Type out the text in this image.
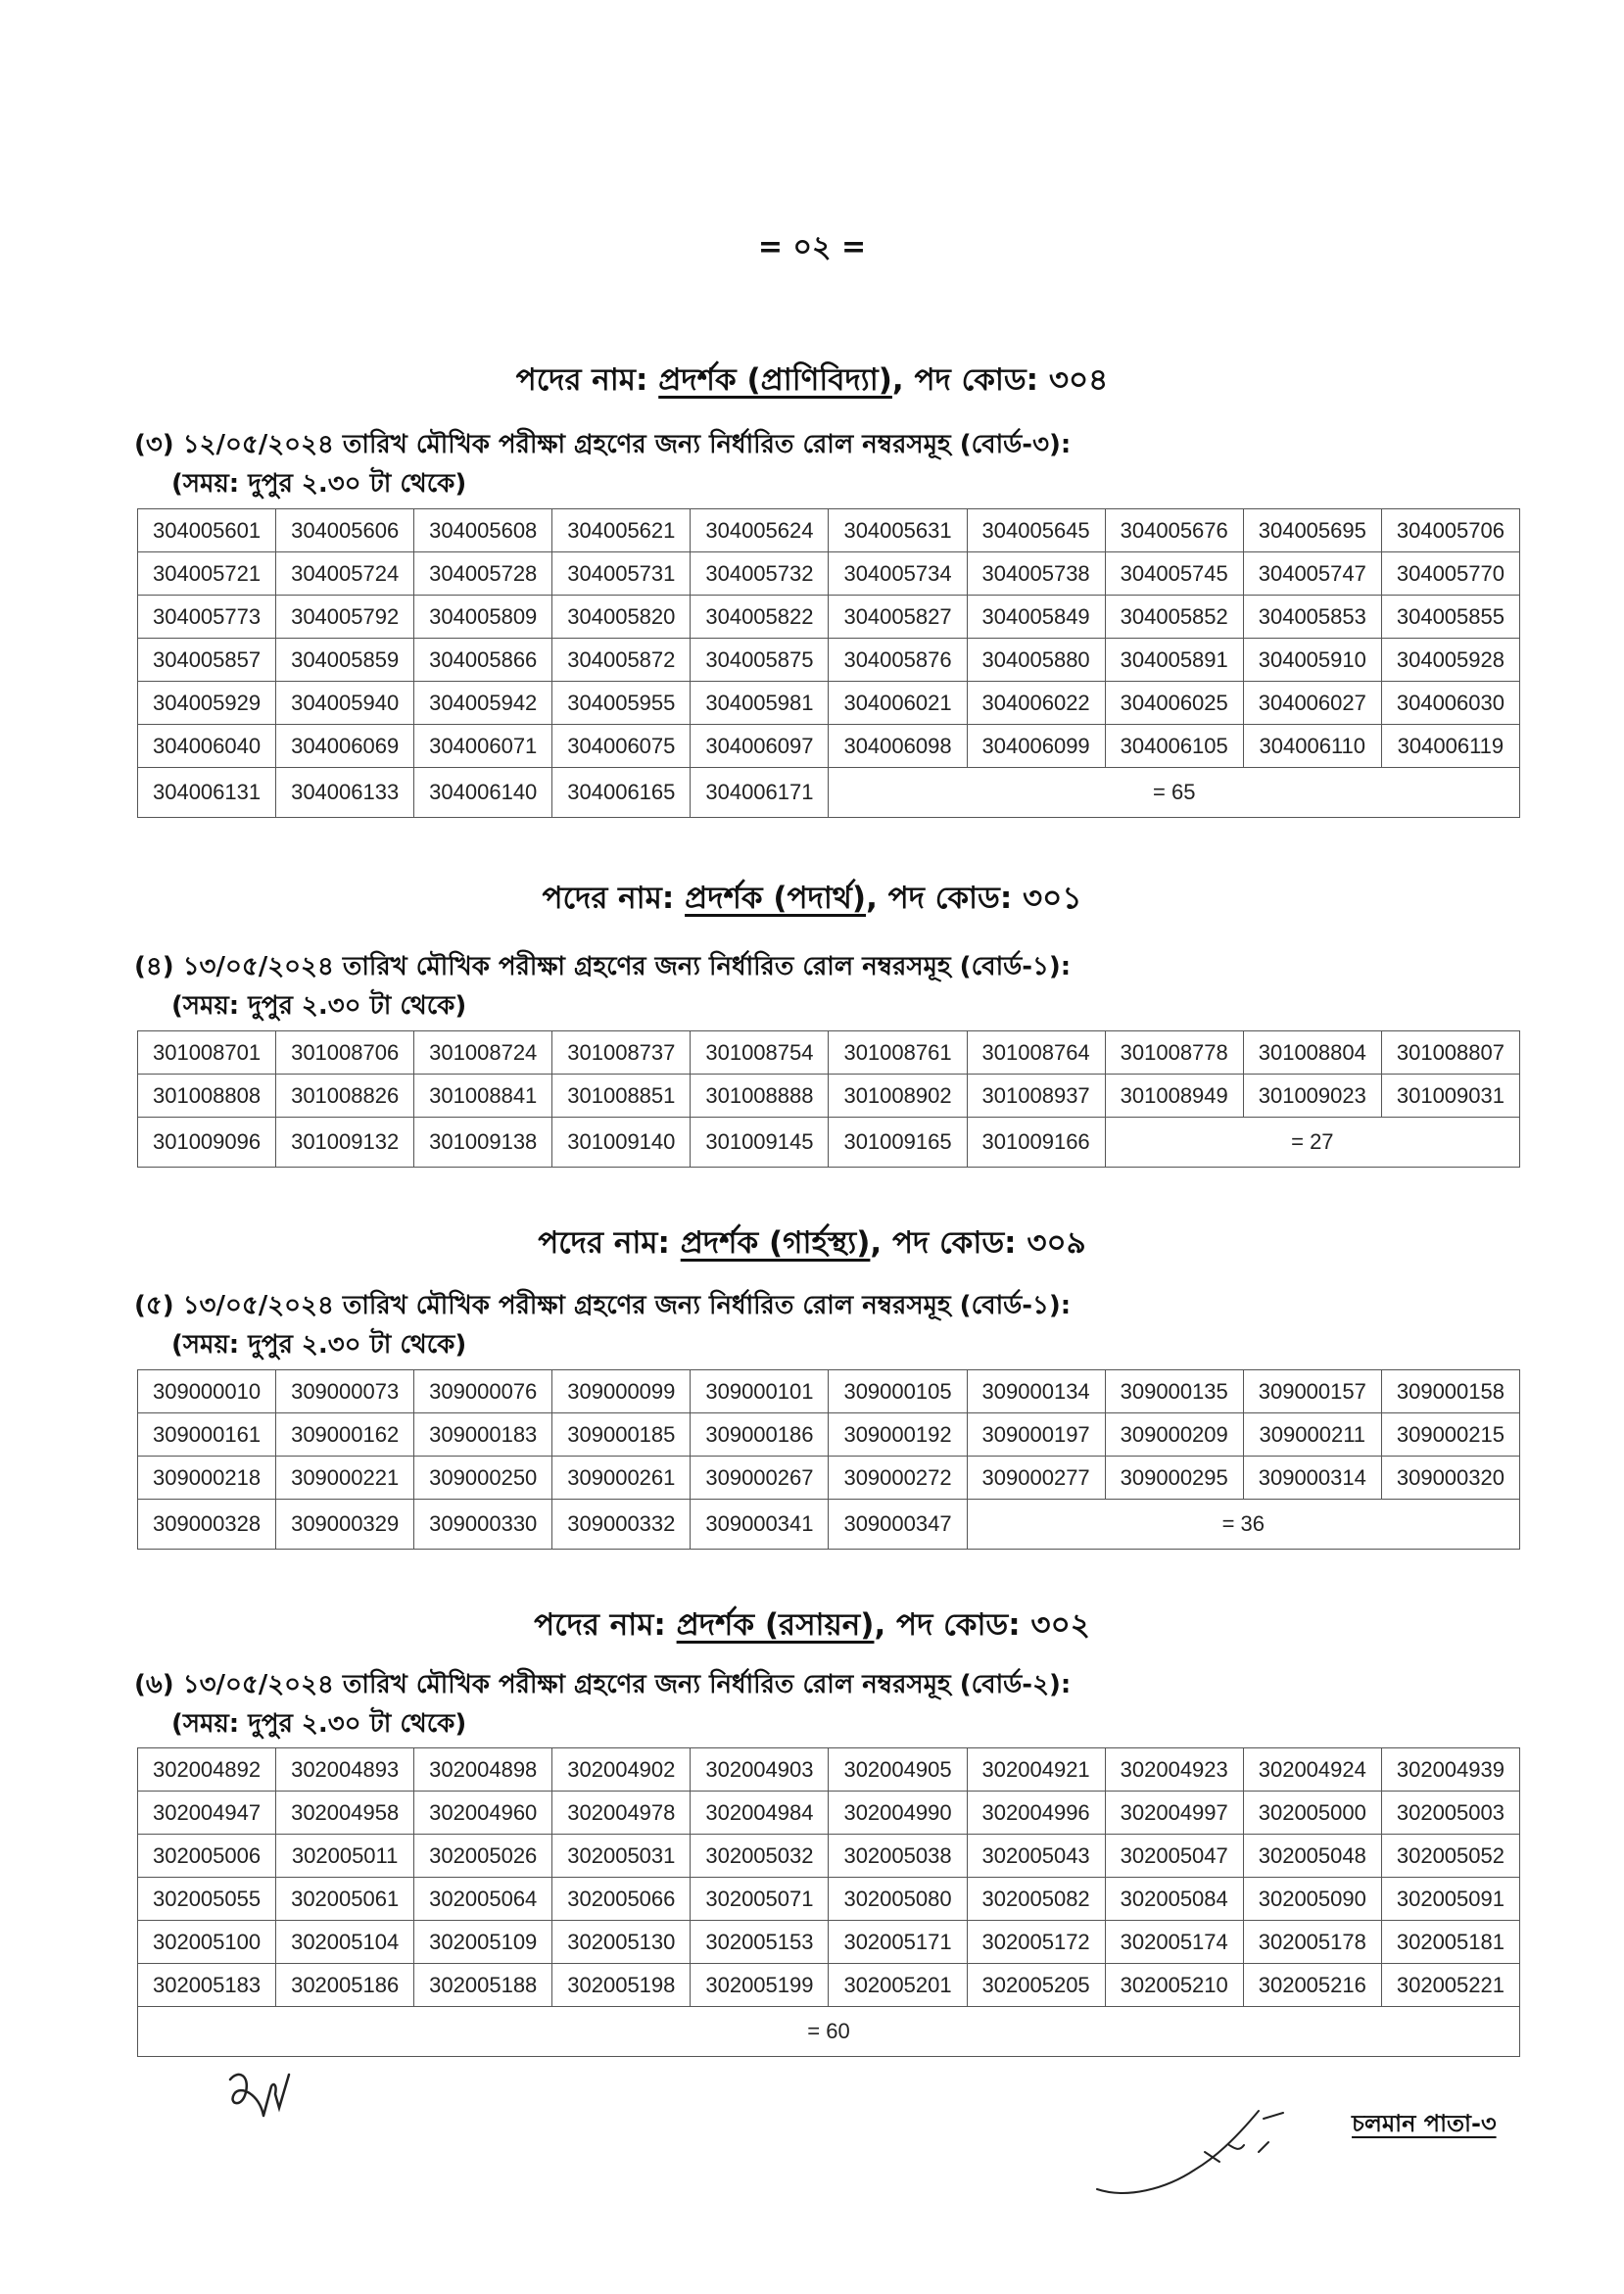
= ০২ =
পদের নাম: প্রদর্শক (প্রাণিবিদ্যা), পদ কোড: ৩০৪
(৩) ১২/০৫/২০২৪ তারিখ মৌখিক পরীক্ষা গ্রহণের জন্য নির্ধারিত রোল নম্বরসমূহ (বোর্ড-৩):
(সময়: দুপুর ২.৩০ টা থেকে)
304005601	304005606	304005608	304005621	304005624	304005631	304005645	304005676	304005695	304005706
304005721	304005724	304005728	304005731	304005732	304005734	304005738	304005745	304005747	304005770
304005773	304005792	304005809	304005820	304005822	304005827	304005849	304005852	304005853	304005855
304005857	304005859	304005866	304005872	304005875	304005876	304005880	304005891	304005910	304005928
304005929	304005940	304005942	304005955	304005981	304006021	304006022	304006025	304006027	304006030
304006040	304006069	304006071	304006075	304006097	304006098	304006099	304006105	304006110	304006119
304006131	304006133	304006140	304006165	304006171	= 65				
পদের নাম: প্রদর্শক (পদার্থ), পদ কোড: ৩০১
(৪) ১৩/০৫/২০২৪ তারিখ মৌখিক পরীক্ষা গ্রহণের জন্য নির্ধারিত রোল নম্বরসমূহ (বোর্ড-১):
(সময়: দুপুর ২.৩০ টা থেকে)
301008701	301008706	301008724	301008737	301008754	301008761	301008764	301008778	301008804	301008807
301008808	301008826	301008841	301008851	301008888	301008902	301008937	301008949	301009023	301009031
301009096	301009132	301009138	301009140	301009145	301009165	301009166	= 27		
পদের নাম: প্রদর্শক (গার্হস্থ্য), পদ কোড: ৩০৯
(৫) ১৩/০৫/২০২৪ তারিখ মৌখিক পরীক্ষা গ্রহণের জন্য নির্ধারিত রোল নম্বরসমূহ (বোর্ড-১):
(সময়: দুপুর ২.৩০ টা থেকে)
309000010	309000073	309000076	309000099	309000101	309000105	309000134	309000135	309000157	309000158
309000161	309000162	309000183	309000185	309000186	309000192	309000197	309000209	309000211	309000215
309000218	309000221	309000250	309000261	309000267	309000272	309000277	309000295	309000314	309000320
309000328	309000329	309000330	309000332	309000341	309000347	= 36			
পদের নাম: প্রদর্শক (রসায়ন), পদ কোড: ৩০২
(৬) ১৩/০৫/২০২৪ তারিখ মৌখিক পরীক্ষা গ্রহণের জন্য নির্ধারিত রোল নম্বরসমূহ (বোর্ড-২):
(সময়: দুপুর ২.৩০ টা থেকে)
302004892	302004893	302004898	302004902	302004903	302004905	302004921	302004923	302004924	302004939
302004947	302004958	302004960	302004978	302004984	302004990	302004996	302004997	302005000	302005003
302005006	302005011	302005026	302005031	302005032	302005038	302005043	302005047	302005048	302005052
302005055	302005061	302005064	302005066	302005071	302005080	302005082	302005084	302005090	302005091
302005100	302005104	302005109	302005130	302005153	302005171	302005172	302005174	302005178	302005181
302005183	302005186	302005188	302005198	302005199	302005201	302005205	302005210	302005216	302005221
= 60									
চলমান পাতা-৩
